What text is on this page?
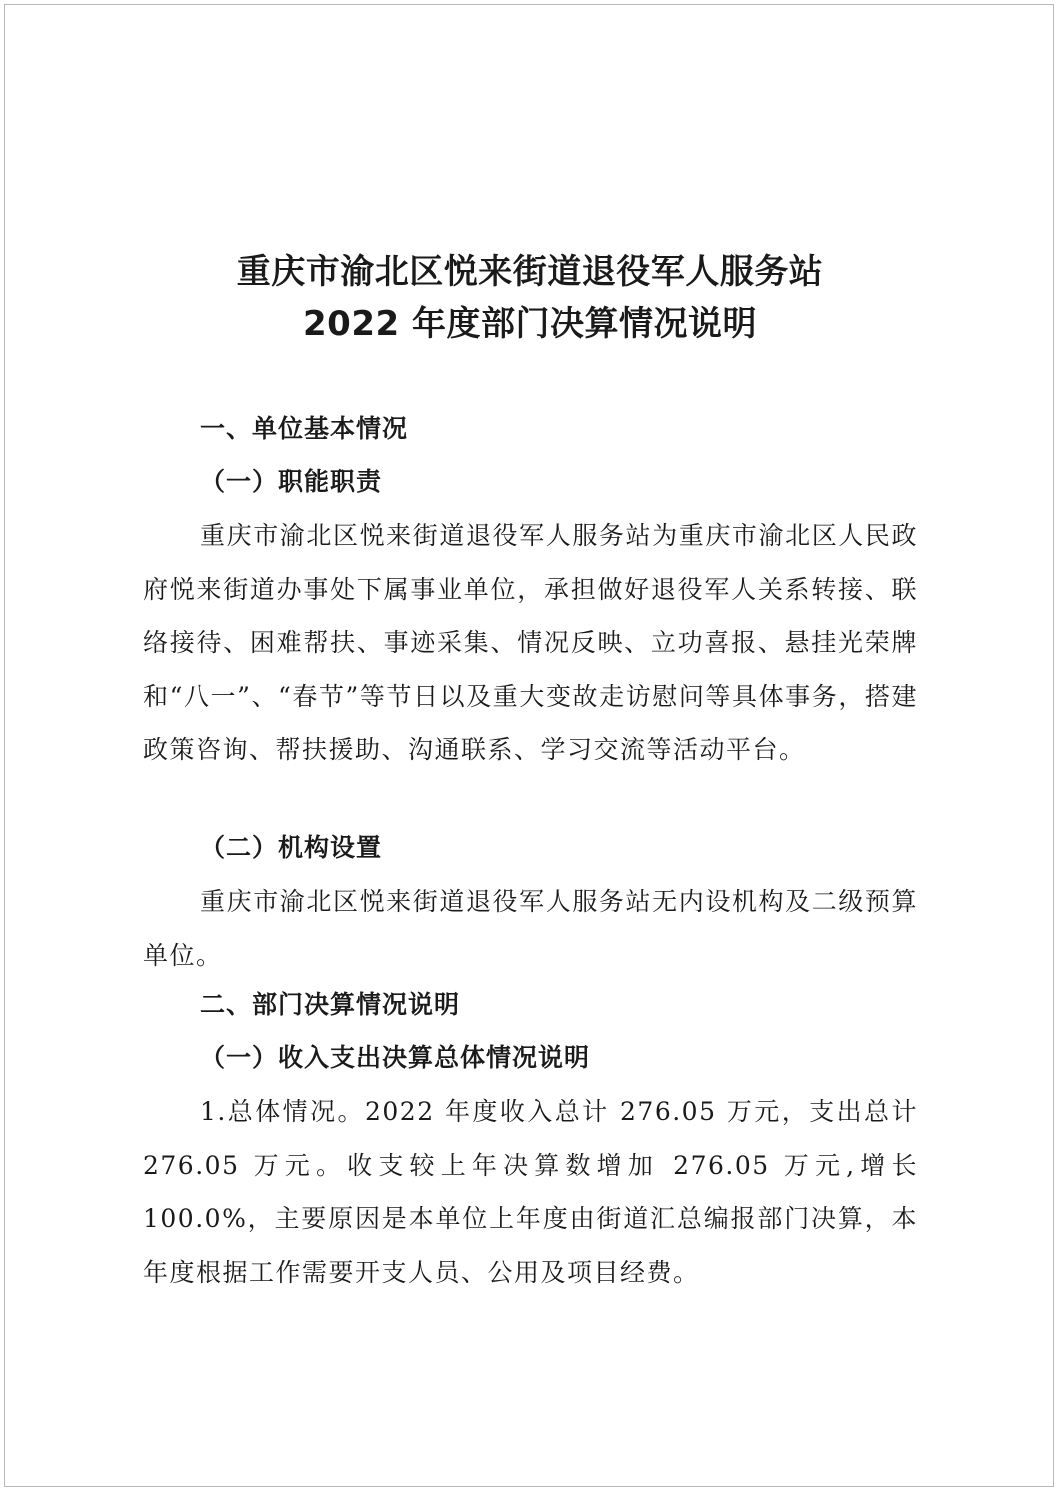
重庆市渝北区悦来街道退役军人服务站
2022 年度部门决算情况说明
一、单位基本情况
（一）职能职责

重庆市渝北区悦来街道退役军人服务站为重庆市渝北区人民政府悦来街道办事处下属事业单位，承担做好退役军人关系转接、联络接待、困难帮扶、事迹采集、情况反映、立功喜报、悬挂光荣牌和“八一”、“春节”等节日以及重大变故走访慰问等具体事务，搭建政策咨询、帮扶援助、沟通联系、学习交流等活动平台。

（二）机构设置

重庆市渝北区悦来街道退役军人服务站无内设机构及二级预算单位。

二、部门决算情况说明
（一）收入支出决算总体情况说明

1.总体情况。2022 年度收入总计 276.05 万元，支出总计 276.05 万元。收支较上年决算数增加 276.05 万元,增长 100.0%，主要原因是本单位上年度由街道汇总编报部门决算，本年度根据工作需要开支人员、公用及项目经费。
